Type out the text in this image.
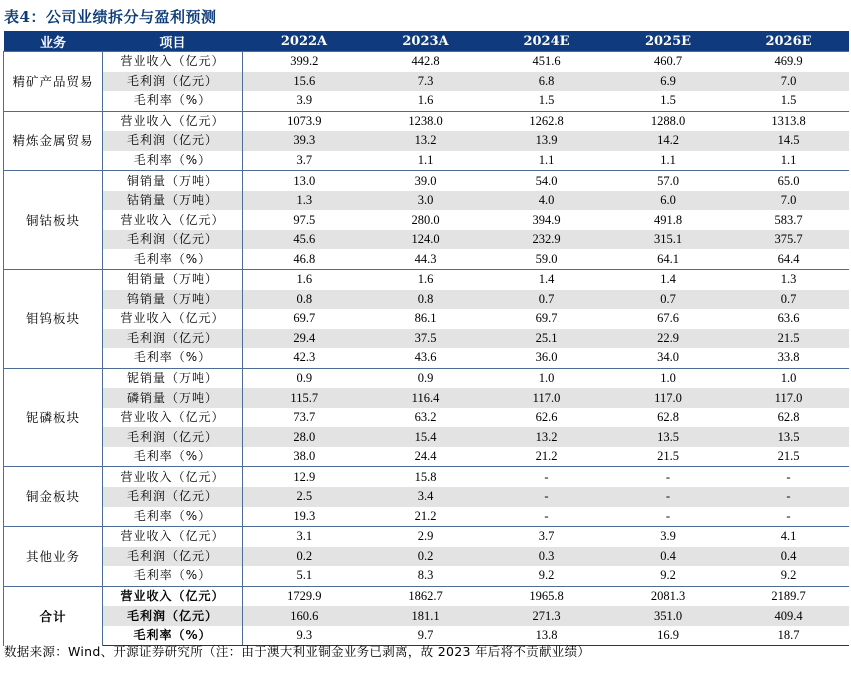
表4：公司业绩拆分与盈利预测
业务	项目	2022A	2023A	2024E	2025E	2026E
精矿产品贸易	营业收入（亿元）	399.2	442.8	451.6	460.7	469.9
	毛利润（亿元）	15.6	7.3	6.8	6.9	7.0
	毛利率（%）	3.9	1.6	1.5	1.5	1.5
精炼金属贸易	营业收入（亿元）	1073.9	1238.0	1262.8	1288.0	1313.8
	毛利润（亿元）	39.3	13.2	13.9	14.2	14.5
	毛利率（%）	3.7	1.1	1.1	1.1	1.1
铜钴板块	铜销量（万吨）	13.0	39.0	54.0	57.0	65.0
	钴销量（万吨）	1.3	3.0	4.0	6.0	7.0
	营业收入（亿元）	97.5	280.0	394.9	491.8	583.7
	毛利润（亿元）	45.6	124.0	232.9	315.1	375.7
	毛利率（%）	46.8	44.3	59.0	64.1	64.4
钼钨板块	钼销量（万吨）	1.6	1.6	1.4	1.4	1.3
	钨销量（万吨）	0.8	0.8	0.7	0.7	0.7
	营业收入（亿元）	69.7	86.1	69.7	67.6	63.6
	毛利润（亿元）	29.4	37.5	25.1	22.9	21.5
	毛利率（%）	42.3	43.6	36.0	34.0	33.8
铌磷板块	铌销量（万吨）	0.9	0.9	1.0	1.0	1.0
	磷销量（万吨）	115.7	116.4	117.0	117.0	117.0
	营业收入（亿元）	73.7	63.2	62.6	62.8	62.8
	毛利润（亿元）	28.0	15.4	13.2	13.5	13.5
	毛利率（%）	38.0	24.4	21.2	21.5	21.5
铜金板块	营业收入（亿元）	12.9	15.8	-	-	-
	毛利润（亿元）	2.5	3.4	-	-	-
	毛利率（%）	19.3	21.2	-	-	-
其他业务	营业收入（亿元）	3.1	2.9	3.7	3.9	4.1
	毛利润（亿元）	0.2	0.2	0.3	0.4	0.4
	毛利率（%）	5.1	8.3	9.2	9.2	9.2
合计	营业收入（亿元）	1729.9	1862.7	1965.8	2081.3	2189.7
	毛利润（亿元）	160.6	181.1	271.3	351.0	409.4
	毛利率（%）	9.3	9.7	13.8	16.9	18.7
数据来源：Wind、开源证券研究所（注：由于澳大利亚铜金业务已剥离，故 2023 年后将不贡献业绩）
